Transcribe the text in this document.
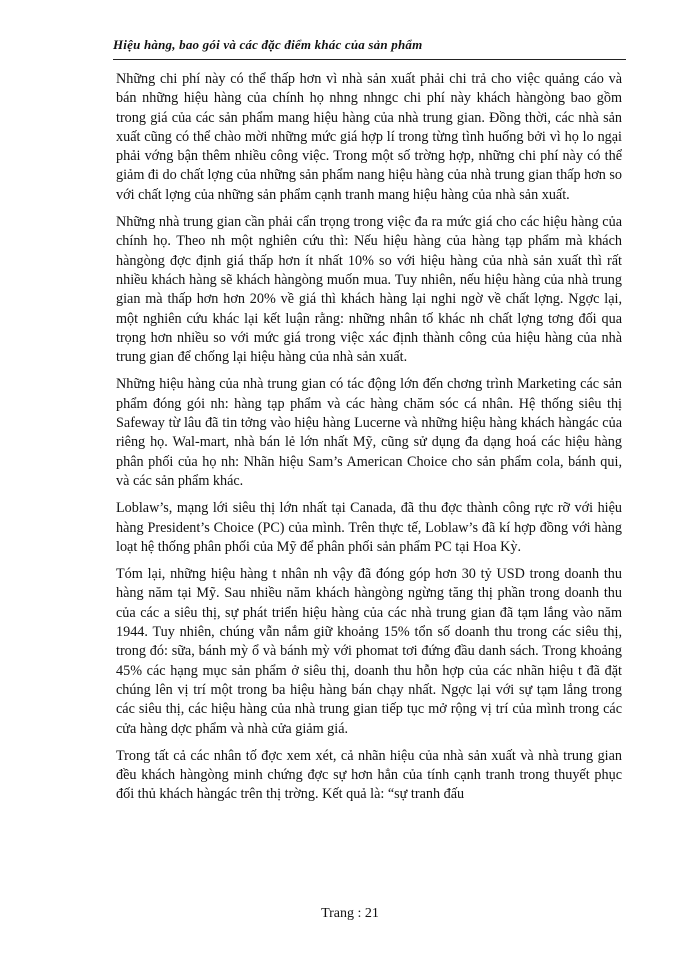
Hiệu hàng, bao gói và các đặc điểm khác của sản phẩm

Những chi phí này có thể thấp hơn vì nhà sản xuất phải chi trả cho việc quảng cáo và bán những hiệu hàng của chính họ nhng nhngc chi phí này khách hàngòng bao gồm trong giá của các sản phẩm mang hiệu hàng của nhà trung gian. Đồng thời, các nhà sản xuất cũng có thể chào mời những mức giá hợp lí trong từng tình huống bởi vì họ lo ngại phải vớng bận thêm nhiều công việc. Trong một số trờng hợp, những chi phí này có thể giảm đi do chất lợng của những sản phẩm nang hiệu hàng của nhà trung gian thấp hơn so với chất lợng của những sản phẩm cạnh tranh mang hiệu hàng của nhà sản xuất.

Những nhà trung gian cần phải cẩn trọng trong việc đa ra mức giá cho các hiệu hàng của chính họ. Theo nh một nghiên cứu thì: Nếu hiệu hàng của hàng tạp phẩm mà khách hàngòng đợc định giá thấp hơn ít nhất 10% so với hiệu hàng của nhà sản xuất thì rất nhiều khách hàng sẽ khách hàngòng muốn mua. Tuy nhiên, nếu hiệu hàng của nhà trung gian mà thấp hơn hơn 20% về giá thì khách hàng lại nghi ngờ về chất lợng. Ngợc lại, một nghiên cứu khác lại kết luận rằng: những nhân tố khác nh chất lợng tơng đối qua trọng hơn nhiều so với mức giá trong việc xác định thành công của hiệu hàng của nhà trung gian để chống lại hiệu hàng của nhà sản xuất.

Những hiệu hàng của nhà trung gian có tác động lớn đến chơng trình Marketing các sản phẩm đóng gói nh: hàng tạp phẩm và các hàng chăm sóc cá nhân. Hệ thống siêu thị Safeway từ lâu đã tin tởng vào hiệu hàng Lucerne và những hiệu hàng khách hàngác của riêng họ. Wal-mart, nhà bán lẻ lớn nhất Mỹ, cũng sử dụng đa dạng hoá các hiệu hàng phân phối của họ nh: Nhãn hiệu Sam’s American Choice cho sản phẩm cola, bánh qui, và các sản phẩm khác.

Loblaw’s, mạng lới siêu thị lớn nhất tại Canada, đã thu đợc thành công rực rỡ với hiệu hàng President’s Choice (PC) của mình. Trên thực tế, Loblaw’s đã kí hợp đồng với hàng loạt hệ thống phân phối của Mỹ để phân phối sản phẩm PC tại Hoa Kỳ.

Tóm lại, những hiệu hàng t nhân nh vậy đã đóng góp hơn 30 tỷ USD trong doanh thu hàng năm tại Mỹ. Sau nhiều năm khách hàngòng ngừng tăng thị phần trong doanh thu của các a siêu thị, sự phát triển hiệu hàng của các nhà trung gian đã tạm lắng vào năm 1944. Tuy nhiên, chúng vẫn nắm giữ khoảng 15% tổn số doanh thu trong các siêu thị, trong đó: sữa, bánh mỳ ổ và bánh mỳ với phomat tơi đứng đầu danh sách. Trong khoảng 45% các hạng mục sản phẩm ở siêu thị, doanh thu hỗn hợp của các nhãn hiệu t đã đặt chúng lên vị trí một trong ba hiệu hàng bán chạy nhất. Ngợc lại với sự tạm lắng trong các siêu thị, các hiệu hàng của nhà trung gian tiếp tục mở rộng vị trí của mình trong các cửa hàng dợc phẩm và nhà cửa giảm giá.

Trong tất cả các nhân tố đợc xem xét, cả nhãn hiệu của nhà sản xuất và nhà trung gian đều khách hàngòng minh chứng đợc sự hơn hẳn của tính cạnh tranh trong thuyết phục đối thủ khách hàngác trên thị trờng. Kết quả là: “sự tranh đấu

Trang : 21
